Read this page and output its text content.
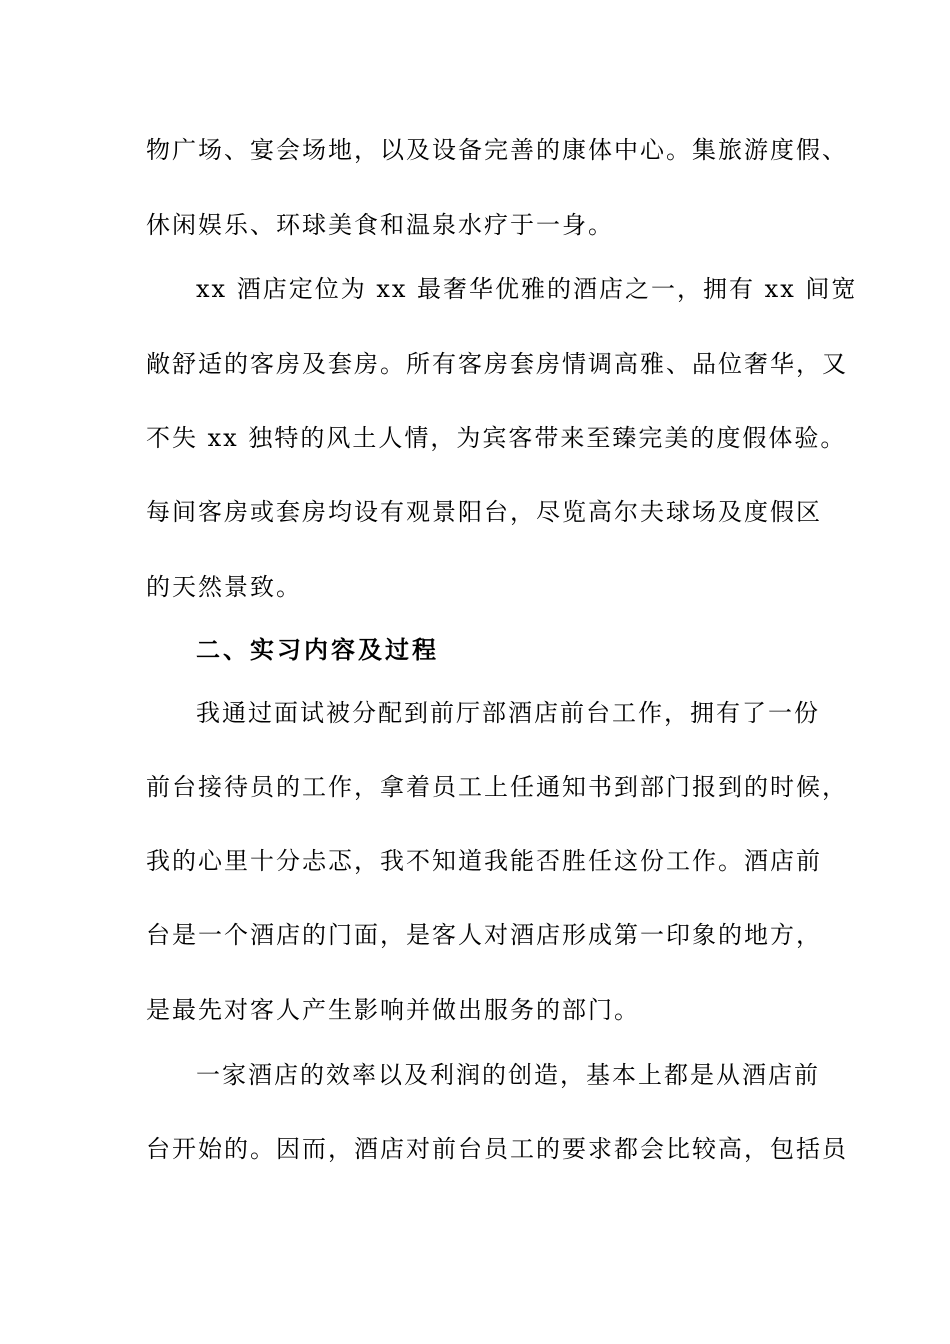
物广场、宴会场地，以及设备完善的康体中心。集旅游度假、
休闲娱乐、环球美食和温泉水疗于一身。
xx 酒店定位为 xx 最奢华优雅的酒店之一，拥有 xx 间宽
敞舒适的客房及套房。所有客房套房情调高雅、品位奢华，又
不失 xx 独特的风土人情，为宾客带来至臻完美的度假体验。
每间客房或套房均设有观景阳台，尽览高尔夫球场及度假区
的天然景致。
二、实习内容及过程
我通过面试被分配到前厅部酒店前台工作，拥有了一份
前台接待员的工作，拿着员工上任通知书到部门报到的时候，
我的心里十分忐忑，我不知道我能否胜任这份工作。酒店前
台是一个酒店的门面，是客人对酒店形成第一印象的地方，
是最先对客人产生影响并做出服务的部门。
一家酒店的效率以及利润的创造，基本上都是从酒店前
台开始的。因而，酒店对前台员工的要求都会比较高，包括员
